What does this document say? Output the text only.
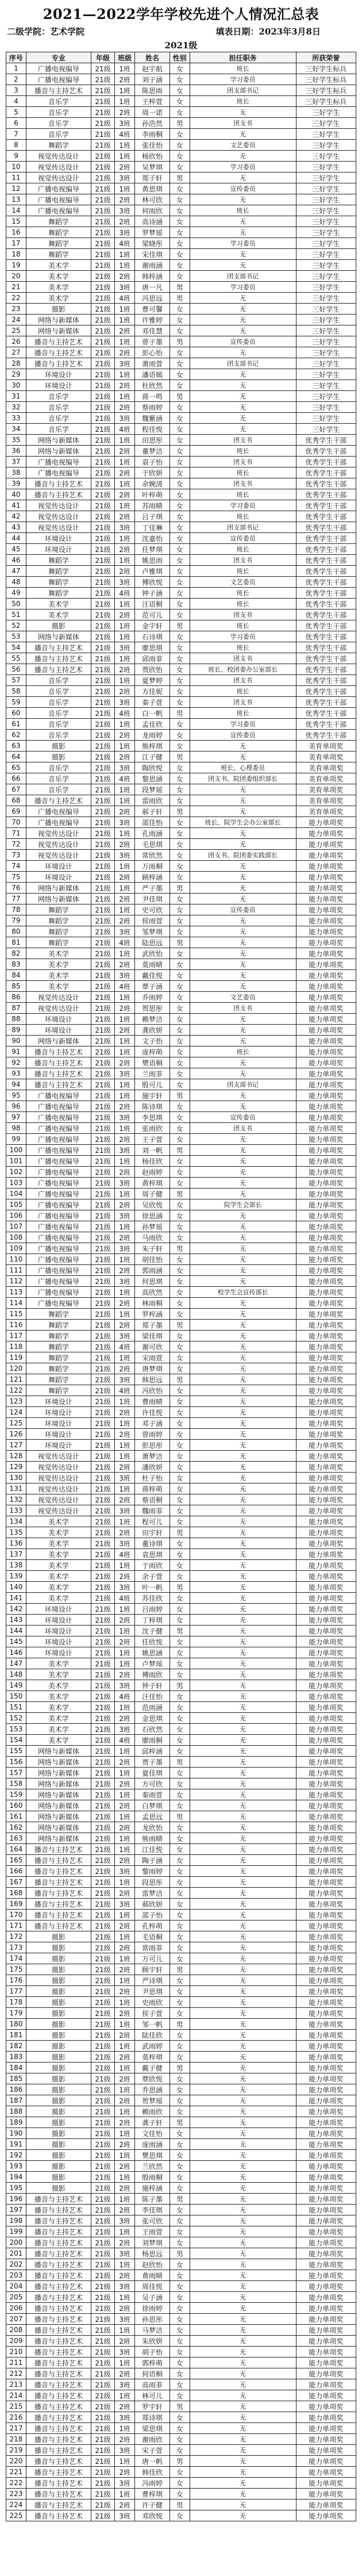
2021—2022学年学校先进个人情况汇总表
二级学院：艺术学院	填表日期：2023年3月8日
2021级
序号	专业	年级	班级	姓名	性别	担任职务	所获荣誉
1	广播电视编导	21级	1班	赵宇航	女	班长	三好学生标兵
2	广播电视编导	21级	2班	刘子涵	女	学习委员	三好学生标兵
3	播音与主持艺术	21级	1班	陈思雨	女	团支部书记	三好学生标兵
4	音乐学	21级	1班	王梓萱	女	班长	三好学生标兵
5	音乐学	21级	2班	周一诺	女	无	三好学生
6	音乐学	21级	3班	孙浩然	男	团支书	三好学生
7	音乐学	21级	4班	李雨桐	女	无	三好学生
8	舞蹈学	21级	1班	张佳怡	女	文艺委员	三好学生
9	视觉传达设计	21级	1班	杨欣怡	女	无	三好学生
10	视觉传达设计	21级	2班	吴梦琪	女	学习委员	三好学生
11	视觉传达设计	21级	3班	郑子轩	男	无	三好学生
12	广播电视编导	21级	1班	黄思琪	女	宣传委员	三好学生
13	广播电视编导	21级	2班	林可欣	女	无	三好学生
14	广播电视编导	21级	3班	何雨欣	女	班长	三好学生
15	舞蹈学	21级	2班	高诗涵	女	无	三好学生
16	舞蹈学	21级	3班	罗梦瑶	女	无	三好学生
17	舞蹈学	21级	4班	梁晓彤	女	学习委员	三好学生
18	舞蹈学	21级	1班	宋佳琪	女	无	三好学生
19	美术学	21级	1班	谢雨涵	女	无	三好学生
20	美术学	21级	2班	韩梓涵	女	团支部书记	三好学生
21	美术学	21级	3班	唐一凡	男	学习委员	三好学生
22	美术学	21级	4班	冯思远	男	无	三好学生
23	摄影	21级	1班	曹可馨	女	无	三好学生
24	网络与新媒体	21级	1班	许雅婷	女	无	三好学生
25	网络与新媒体	21级	2班	邓佳慧	女	无	三好学生
26	播音与主持艺术	21级	1班	曾子墨	男	宣传委员	三好学生
27	播音与主持艺术	21级	2班	彭心怡	女	无	三好学生
28	播音与主持艺术	21级	3班	萧雨萱	女	团支部书记	三好学生
29	环境设计	21级	1班	潘语嫣	女	无	三好学生
30	环境设计	21级	2班	杜欣然	女	无	三好学生
31	音乐学	21级	1班	蒋一鸣	男	无	三好学生
32	音乐学	21级	2班	蔡雨婷	女	无	三好学生
33	音乐学	21级	3班	魏紫涵	女	无	三好学生
34	音乐学	21级	4班	程佳悦	女	无	三好学生
35	网络与新媒体	21级	1班	田思彤	女	团支书	优秀学生干部
36	网络与新媒体	21级	2班	董梦洁	女	班长	优秀学生干部
37	广播电视编导	21级	1班	袁子怡	女	团支书	优秀学生干部
38	广播电视编导	21级	2班	于欣妍	女	班长	优秀学生干部
39	播音与主持艺术	21级	1班	余婉清	女	团支书	优秀学生干部
40	播音与主持艺术	21级	2班	叶梓萌	女	班长	优秀学生干部
41	视觉传达设计	21级	1班	苏雨晴	女	学习委员	优秀学生干部
42	视觉传达设计	21级	2班	吕子琪	女	班长	优秀学生干部
43	视觉传达设计	21级	3班	丁佳琳	女	团支部书记	优秀学生干部
44	环境设计	21级	1班	沈嘉怡	女	宣传委员	优秀学生干部
45	环境设计	21级	2班	任梦琪	女	班长	优秀学生干部
46	舞蹈学	21级	1班	姚思雨	女	团支书	优秀学生干部
47	舞蹈学	21级	2班	卢雅琪	女	班长	优秀学生干部
48	舞蹈学	21级	3班	傅欣悦	女	文艺委员	优秀学生干部
49	舞蹈学	21级	4班	钟子涵	女	班长	优秀学生干部
50	美术学	21级	1班	汪语桐	女	班长	优秀学生干部
51	美术学	21级	2班	范可儿	女	团支书	优秀学生干部
52	摄影	21级	1班	金宇轩	男	班长	优秀学生干部
53	网络与新媒体	21级	1班	石诗琪	女	学习委员	优秀学生干部
54	播音与主持艺术	21级	3班	廖思琪	女	班长	优秀学生干部
55	播音与主持艺术	21级	1班	邱雨菲	女	团支书	优秀学生干部
56	播音与主持艺术	21级	2班	贾欣怡	女	班长、校团委办公室部长	优秀学生干部
57	音乐学	21级	1班	夏梦婷	女	团支书	优秀学生干部
58	音乐学	21级	2班	方佳妮	女	班长	优秀学生干部
59	音乐学	21级	3班	秦子萱	女	团支书	优秀学生干部
60	音乐学	21级	4班	白一帆	男	班长	优秀学生干部
61	音乐学	21级	1班	孟佳欣	女	学习委员	优秀学生干部
62	音乐学	21级	2班	龙雨婷	女	宣传委员	优秀学生干部
63	摄影	21级	1班	熊梓琪	女	无	美育单项奖
64	摄影	21级	2班	江子健	男	无	美育单项奖
65	音乐学	21级	3班	陶欣悦	女	班长、心理委员	美育单项奖
66	音乐学	21级	4班	黎思涵	女	团支书、院团委组织部长	美育单项奖
67	音乐学	21级	1班	段梦瑶	女	无	美育单项奖
68	播音与主持艺术	21级	1班	雷雨欣	女	无	美育单项奖
69	广播电视编导	21级	2班	郝子轩	男	无	美育单项奖
70	广播电视编导	21级	3班	邵佳怡	女	班长、院学生会办公室部长	能力单项奖
71	视觉传达设计	21级	1班	孔雨涵	女	无	能力单项奖
72	视觉传达设计	21级	2班	毛思琪	女	无	能力单项奖
73	视觉传达设计	21级	3班	常欣然	女	团支书、院团委实践部长	能力单项奖
74	环境设计	21级	1班	万雨桐	女	无	能力单项奖
75	环境设计	21级	2班	顾梓涵	女	无	能力单项奖
76	网络与新媒体	21级	1班	严子墨	男	无	能力单项奖
77	网络与新媒体	21级	2班	尹佳琪	女	无	能力单项奖
78	舞蹈学	21级	1班	史可欣	女	宣传委员	能力单项奖
79	舞蹈学	21级	2班	侯雨萱	女	无	能力单项奖
80	舞蹈学	21级	3班	邹梦琪	女	无	能力单项奖
81	舞蹈学	21级	4班	陆思远	男	无	能力单项奖
82	美术学	21级	1班	武欣怡	女	无	能力单项奖
83	美术学	21级	2班	莫雨晴	女	无	能力单项奖
84	美术学	21级	3班	戴佳悦	女	无	能力单项奖
85	美术学	21级	4班	覃子涵	女	无	能力单项奖
86	视觉传达设计	21级	1班	乔雨婷	女	文艺委员	能力单项奖
87	视觉传达设计	21级	2班	贺思彤	女	团支书	能力单项奖
88	环境设计	21级	1班	赖梦洁	女	无	能力单项奖
89	环境设计	21级	2班	龚欣妍	女	无	能力单项奖
90	网络与新媒体	21级	1班	文子怡	女	无	能力单项奖
91	播音与主持艺术	21级	1班	庞梓萌	女	班长	能力单项奖
92	播音与主持艺术	21级	2班	樊语桐	女	无	能力单项奖
93	播音与主持艺术	21级	3班	兰雨菲	女	无	能力单项奖
94	播音与主持艺术	21级	1班	殷可儿	女	团支部书记	能力单项奖
95	广播电视编导	21级	1班	施宇轩	男	无	能力单项奖
96	广播电视编导	21级	2班	陈诗琪	女	无	能力单项奖
97	广播电视编导	21级	3班	李思琪	女	宣传委员	能力单项奖
98	广播电视编导	21级	1班	张雨欣	女	团支书	能力单项奖
99	广播电视编导	21级	2班	王子萱	女	无	能力单项奖
100	广播电视编导	21级	3班	刘一帆	男	无	能力单项奖
101	广播电视编导	21级	1班	杨佳欣	女	无	能力单项奖
102	广播电视编导	21级	2班	赵雨婷	女	无	能力单项奖
103	广播电视编导	21级	3班	黄梓琪	女	无	能力单项奖
104	广播电视编导	21级	1班	周子健	男	无	能力单项奖
105	广播电视编导	21级	2班	吴欣悦	女	院学生会部长	能力单项奖
106	广播电视编导	21级	3班	徐思涵	女	无	能力单项奖
107	广播电视编导	21级	1班	孙梦瑶	女	无	能力单项奖
108	广播电视编导	21级	2班	马雨欣	女	无	能力单项奖
109	广播电视编导	21级	3班	朱子轩	男	无	能力单项奖
110	广播电视编导	21级	1班	胡佳怡	女	无	能力单项奖
111	广播电视编导	21级	2班	郭雨涵	女	无	能力单项奖
112	广播电视编导	21级	3班	何思琪	女	无	能力单项奖
113	广播电视编导	21级	1班	高欣然	女	校学生会宣传部长	能力单项奖
114	广播电视编导	21级	2班	林雨桐	女	无	能力单项奖
115	舞蹈学	21级	1班	罗梓涵	女	无	能力单项奖
116	舞蹈学	21级	2班	郑子墨	男	无	能力单项奖
117	舞蹈学	21级	3班	梁佳琪	女	无	能力单项奖
118	舞蹈学	21级	4班	谢可欣	女	无	能力单项奖
119	舞蹈学	21级	1班	宋雨萱	女	无	能力单项奖
120	舞蹈学	21级	2班	唐梦琪	女	无	能力单项奖
121	舞蹈学	21级	3班	韩思远	男	无	能力单项奖
122	舞蹈学	21级	4班	冯欣怡	女	无	能力单项奖
123	环境设计	21级	1班	曹雨晴	女	无	能力单项奖
124	环境设计	21级	2班	许佳悦	女	无	能力单项奖
125	环境设计	21级	1班	邓子涵	女	无	能力单项奖
126	环境设计	21级	2班	曾雨婷	女	无	能力单项奖
127	环境设计	21级	1班	彭思彤	女	无	能力单项奖
128	视觉传达设计	21级	1班	萧梦洁	女	无	能力单项奖
129	视觉传达设计	21级	2班	潘欣妍	女	无	能力单项奖
130	视觉传达设计	21级	3班	杜子怡	女	无	能力单项奖
131	视觉传达设计	21级	1班	蒋梓萌	女	无	能力单项奖
132	视觉传达设计	21级	2班	蔡语桐	女	无	能力单项奖
133	视觉传达设计	21级	3班	魏雨菲	女	无	能力单项奖
134	美术学	21级	1班	程可儿	女	无	能力单项奖
135	美术学	21级	2班	田宇轩	男	无	能力单项奖
136	美术学	21级	3班	董诗琪	女	无	能力单项奖
137	美术学	21级	4班	袁思琪	女	无	能力单项奖
138	美术学	21级	1班	于雨欣	女	无	能力单项奖
139	美术学	21级	2班	余子萱	女	无	能力单项奖
140	美术学	21级	3班	叶一帆	男	无	能力单项奖
141	美术学	21级	4班	苏佳欣	女	无	能力单项奖
142	环境设计	21级	1班	吕雨婷	女	无	能力单项奖
143	环境设计	21级	2班	丁梓琪	女	无	能力单项奖
144	环境设计	21级	1班	沈子健	男	无	能力单项奖
145	环境设计	21级	2班	任欣悦	女	无	能力单项奖
146	环境设计	21级	1班	姚思涵	女	无	能力单项奖
147	美术学	21级	1班	卢梦瑶	女	无	能力单项奖
148	美术学	21级	2班	傅雨欣	女	无	能力单项奖
149	美术学	21级	3班	钟子轩	男	无	能力单项奖
150	美术学	21级	4班	汪佳怡	女	无	能力单项奖
151	美术学	21级	1班	范雨涵	女	无	能力单项奖
152	美术学	21级	2班	金思琪	女	无	能力单项奖
153	美术学	21级	3班	石欣然	女	无	能力单项奖
154	美术学	21级	4班	廖雨桐	女	无	能力单项奖
155	网络与新媒体	21级	1班	邱梓涵	女	无	能力单项奖
156	网络与新媒体	21级	2班	贾子墨	男	无	能力单项奖
157	网络与新媒体	21级	1班	夏佳琪	女	无	能力单项奖
158	网络与新媒体	21级	2班	方可欣	女	无	能力单项奖
159	网络与新媒体	21级	1班	秦雨萱	女	无	能力单项奖
160	网络与新媒体	21级	2班	白梦琪	女	无	能力单项奖
161	网络与新媒体	21级	1班	孟思远	男	无	能力单项奖
162	网络与新媒体	21级	2班	龙欣怡	女	无	能力单项奖
163	网络与新媒体	21级	1班	熊雨晴	女	无	能力单项奖
164	播音与主持艺术	21级	1班	江佳悦	女	无	能力单项奖
165	播音与主持艺术	21级	2班	陶子涵	女	无	能力单项奖
166	播音与主持艺术	21级	3班	黎雨婷	女	无	能力单项奖
167	播音与主持艺术	21级	1班	段思彤	女	无	能力单项奖
168	播音与主持艺术	21级	2班	雷梦洁	女	无	能力单项奖
169	播音与主持艺术	21级	3班	郝欣妍	女	无	能力单项奖
170	播音与主持艺术	21级	1班	邵子怡	女	无	能力单项奖
171	播音与主持艺术	21级	2班	孔梓萌	女	无	能力单项奖
172	摄影	21级	1班	毛语桐	女	无	能力单项奖
173	摄影	21级	2班	常雨菲	女	无	能力单项奖
174	摄影	21级	1班	万可儿	女	无	能力单项奖
175	摄影	21级	2班	顾宇轩	男	无	能力单项奖
176	摄影	21级	1班	严诗琪	女	无	能力单项奖
177	摄影	21级	2班	尹思琪	女	无	能力单项奖
178	摄影	21级	1班	史雨欣	女	无	能力单项奖
179	摄影	21级	2班	侯子萱	女	无	能力单项奖
180	摄影	21级	1班	邹一帆	男	无	能力单项奖
181	摄影	21级	2班	陆佳欣	女	无	能力单项奖
182	摄影	21级	1班	武雨婷	女	无	能力单项奖
183	摄影	21级	2班	莫梓琪	女	无	能力单项奖
184	摄影	21级	1班	戴子健	男	无	能力单项奖
185	摄影	21级	2班	覃欣悦	女	无	能力单项奖
186	摄影	21级	1班	乔思涵	女	无	能力单项奖
187	摄影	21级	2班	贺梦瑶	女	无	能力单项奖
188	摄影	21级	1班	赖雨欣	女	无	能力单项奖
189	摄影	21级	2班	龚子轩	男	无	能力单项奖
190	摄影	21级	1班	文佳怡	女	无	能力单项奖
191	摄影	21级	2班	庞雨涵	女	无	能力单项奖
192	摄影	21级	1班	樊思琪	女	无	能力单项奖
193	摄影	21级	2班	兰欣然	女	无	能力单项奖
194	摄影	21级	1班	殷雨桐	女	无	能力单项奖
195	摄影	21级	2班	施梓涵	女	无	能力单项奖
196	播音与主持艺术	21级	1班	陈子墨	男	无	能力单项奖
197	播音与主持艺术	21级	2班	李佳琪	女	无	能力单项奖
198	播音与主持艺术	21级	3班	张可欣	女	无	能力单项奖
199	播音与主持艺术	21级	1班	王雨萱	女	无	能力单项奖
200	播音与主持艺术	21级	2班	刘梦琪	女	无	能力单项奖
201	播音与主持艺术	21级	3班	杨思远	男	无	能力单项奖
202	播音与主持艺术	21级	1班	赵欣怡	女	无	能力单项奖
203	播音与主持艺术	21级	2班	黄雨晴	女	无	能力单项奖
204	播音与主持艺术	21级	3班	周佳悦	女	无	能力单项奖
205	播音与主持艺术	21级	1班	吴子涵	女	无	能力单项奖
206	播音与主持艺术	21级	2班	徐雨婷	女	无	能力单项奖
207	播音与主持艺术	21级	3班	孙思彤	女	无	能力单项奖
208	播音与主持艺术	21级	1班	马梦洁	女	无	能力单项奖
209	播音与主持艺术	21级	2班	朱欣妍	女	无	能力单项奖
210	播音与主持艺术	21级	3班	胡子怡	女	无	能力单项奖
211	播音与主持艺术	21级	1班	郭梓萌	女	无	能力单项奖
212	播音与主持艺术	21级	2班	何语桐	女	无	能力单项奖
213	播音与主持艺术	21级	3班	高雨菲	女	无	能力单项奖
214	播音与主持艺术	21级	1班	林可儿	女	无	能力单项奖
215	播音与主持艺术	21级	2班	罗宇轩	男	无	能力单项奖
216	播音与主持艺术	21级	3班	郑诗琪	女	无	能力单项奖
217	播音与主持艺术	21级	1班	梁思琪	女	无	能力单项奖
218	播音与主持艺术	21级	2班	谢雨欣	女	无	能力单项奖
219	播音与主持艺术	21级	3班	宋子萱	女	无	能力单项奖
220	播音与主持艺术	21级	1班	唐一帆	男	无	能力单项奖
221	播音与主持艺术	21级	2班	韩佳欣	女	无	能力单项奖
222	播音与主持艺术	21级	3班	冯雨婷	女	无	能力单项奖
223	播音与主持艺术	21级	1班	曹梓琪	女	无	能力单项奖
224	播音与主持艺术	21级	2班	许子健	男	无	能力单项奖
225	播音与主持艺术	21级	3班	邓欣悦	女	无	能力单项奖
